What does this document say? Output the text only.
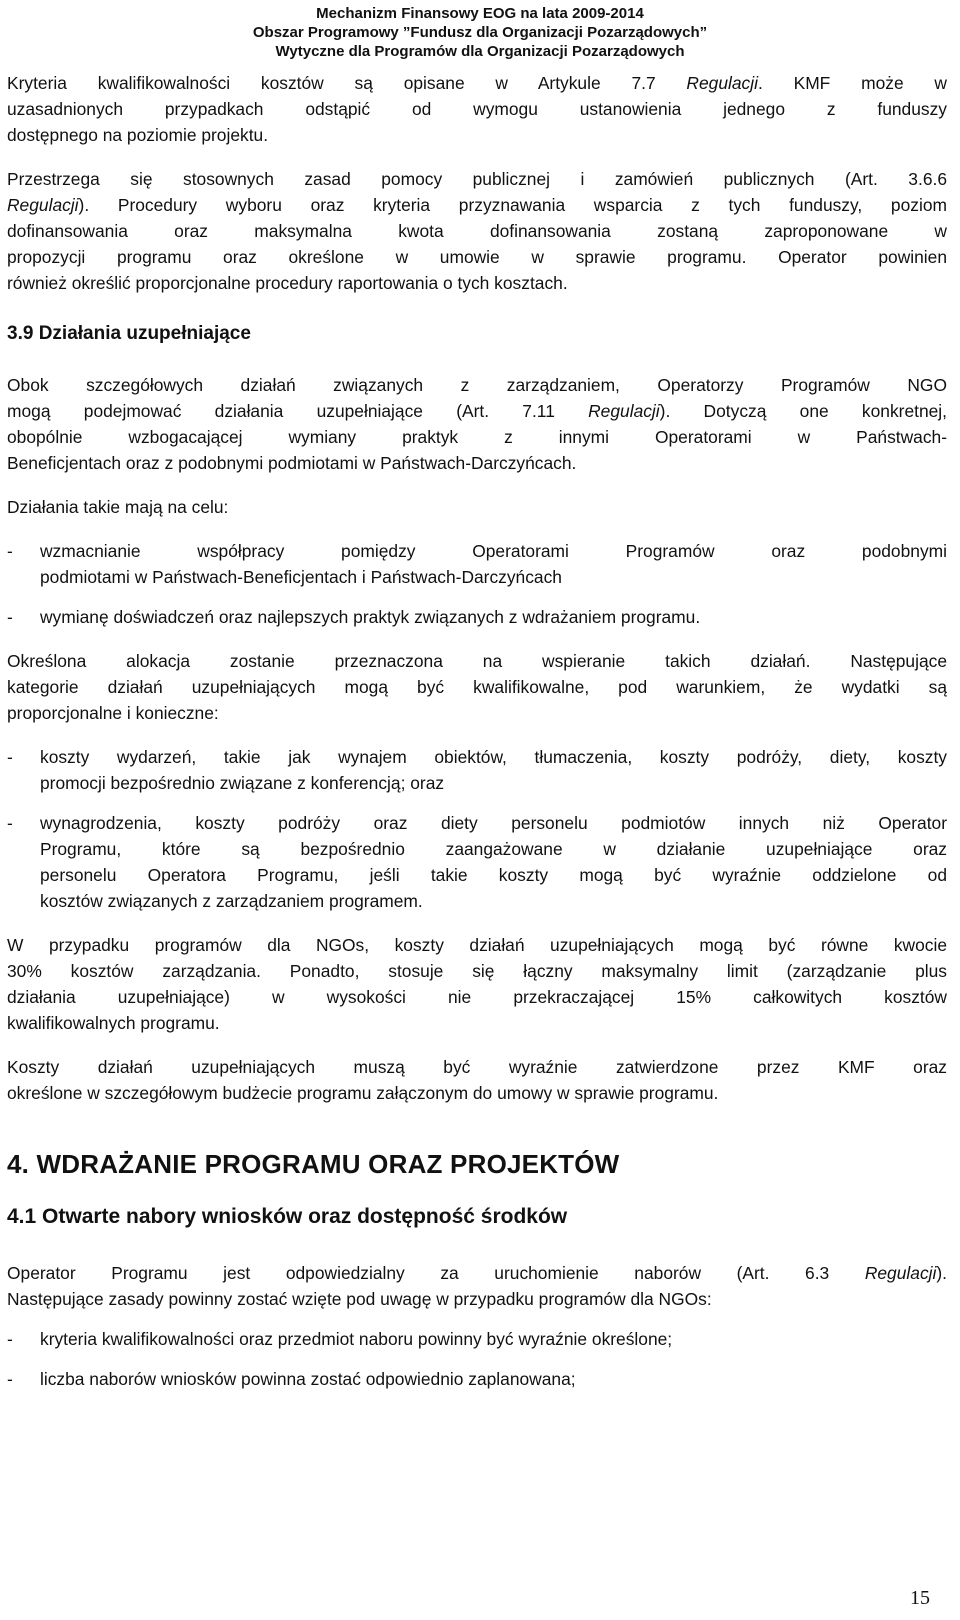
Mechanizm Finansowy EOG na lata 2009-2014
Obszar Programowy ”Fundusz dla Organizacji Pozarządowych”
Wytyczne dla Programów dla Organizacji Pozarządowych
Kryteria kwalifikowalności kosztów są opisane w Artykule 7.7 Regulacji. KMF może w
uzasadnionych przypadkach odstąpić od wymogu ustanowienia jednego z funduszy
dostępnego na poziomie projektu.
Przestrzega się stosownych zasad pomocy publicznej i zamówień publicznych (Art. 3.6.6
Regulacji). Procedury wyboru oraz kryteria przyznawania wsparcia z tych funduszy, poziom
dofinansowania oraz maksymalna kwota dofinansowania zostaną zaproponowane w
propozycji programu oraz określone w umowie w sprawie programu. Operator powinien
również określić proporcjonalne procedury raportowania o tych kosztach.
3.9 Działania uzupełniające
Obok szczegółowych działań związanych z zarządzaniem, Operatorzy Programów NGO
mogą podejmować działania uzupełniające (Art. 7.11 Regulacji). Dotyczą one konkretnej,
obopólnie wzbogacającej wymiany praktyk z innymi Operatorami w Państwach-
Beneficjentach oraz z podobnymi podmiotami w Państwach-Darczyńcach.
Działania takie mają na celu:
- wzmacnianie współpracy pomiędzy Operatorami Programów oraz podobnymi
podmiotami w Państwach-Beneficjentach i Państwach-Darczyńcach
- wymianę doświadczeń oraz najlepszych praktyk związanych z wdrażaniem programu.
Określona alokacja zostanie przeznaczona na wspieranie takich działań. Następujące
kategorie działań uzupełniających mogą być kwalifikowalne, pod warunkiem, że wydatki są
proporcjonalne i konieczne:
- koszty wydarzeń, takie jak wynajem obiektów, tłumaczenia, koszty podróży, diety, koszty
promocji bezpośrednio związane z konferencją; oraz
- wynagrodzenia, koszty podróży oraz diety personelu podmiotów innych niż Operator
Programu, które są bezpośrednio zaangażowane w działanie uzupełniające oraz
personelu Operatora Programu, jeśli takie koszty mogą być wyraźnie oddzielone od
kosztów związanych z zarządzaniem programem.
W przypadku programów dla NGOs, koszty działań uzupełniających mogą być równe kwocie
30% kosztów zarządzania. Ponadto, stosuje się łączny maksymalny limit (zarządzanie plus
działania uzupełniające) w wysokości nie przekraczającej 15% całkowitych kosztów
kwalifikowalnych programu.
Koszty działań uzupełniających muszą być wyraźnie zatwierdzone przez KMF oraz
określone w szczegółowym budżecie programu załączonym do umowy w sprawie programu.
4. WDRAŻANIE PROGRAMU ORAZ PROJEKTÓW
4.1 Otwarte nabory wniosków oraz dostępność środków
Operator Programu jest odpowiedzialny za uruchomienie naborów (Art. 6.3 Regulacji).
Następujące zasady powinny zostać wzięte pod uwagę w przypadku programów dla NGOs:
- kryteria kwalifikowalności oraz przedmiot naboru powinny być wyraźnie określone;
- liczba naborów wniosków powinna zostać odpowiednio zaplanowana;
15
